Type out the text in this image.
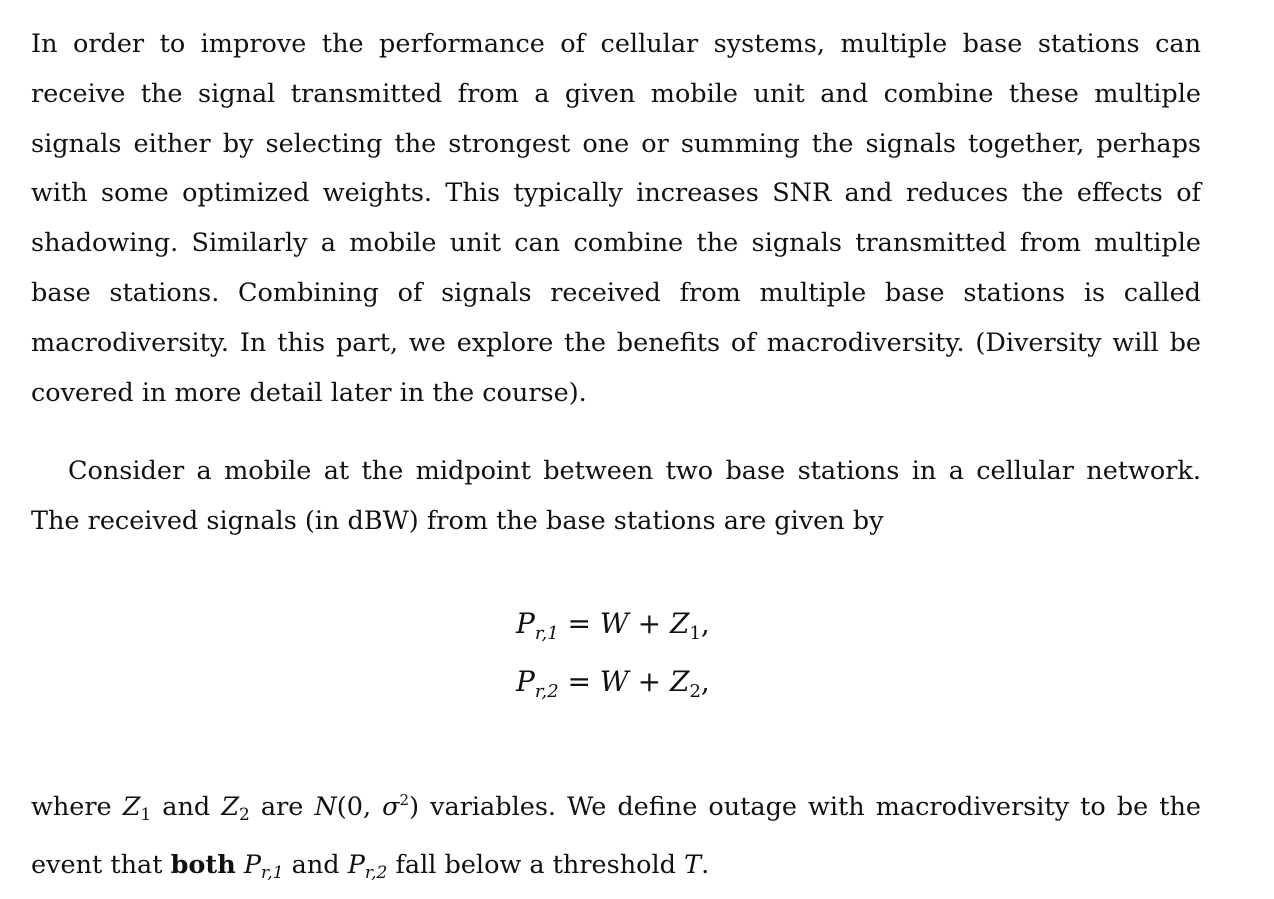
In order to improve the performance of cellular systems, multiple base stations can receive the signal transmitted from a given mobile unit and combine these multiple signals either by selecting the strongest one or summing the signals together, perhaps with some optimized weights. This typically increases SNR and reduces the effects of shadowing. Similarly a mobile unit can combine the signals transmitted from multiple base stations. Combining of signals received from multiple base stations is called macrodiversity. In this part, we explore the benefits of macrodiversity. (Diversity will be covered in more detail later in the course).

Consider a mobile at the midpoint between two base stations in a cellular network. The received signals (in dBW) from the base stations are given by

$P_{r,1} = W + Z_1$,
$P_{r,2} = W + Z_2$,

where $Z_1$ and $Z_2$ are N(0, $\sigma^2$) variables. We define outage with macrodiversity to be the event that both Pr,1 and Pr,2 fall below a threshold T.
